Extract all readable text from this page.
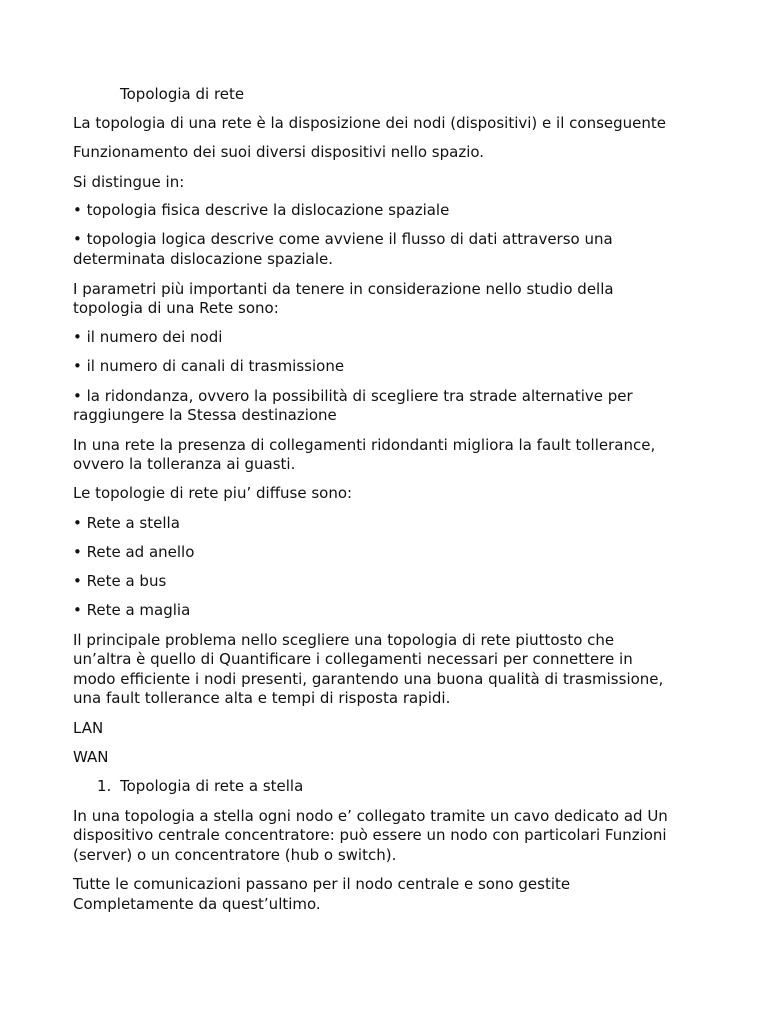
Topologia di rete
La topologia di una rete è la disposizione dei nodi (dispositivi) e il conseguente
Funzionamento dei suoi diversi dispositivi nello spazio.
Si distingue in:
• topologia fisica descrive la dislocazione spaziale
• topologia logica descrive come avviene il flusso di dati attraverso una
determinata dislocazione spaziale.
I parametri più importanti da tenere in considerazione nello studio della
topologia di una Rete sono:
• il numero dei nodi
• il numero di canali di trasmissione
• la ridondanza, ovvero la possibilità di scegliere tra strade alternative per
raggiungere la Stessa destinazione
In una rete la presenza di collegamenti ridondanti migliora la fault tollerance,
ovvero la tolleranza ai guasti.
Le topologie di rete piu’ diffuse sono:
• Rete a stella
• Rete ad anello
• Rete a bus
• Rete a maglia
Il principale problema nello scegliere una topologia di rete piuttosto che
un’altra è quello di Quantificare i collegamenti necessari per connettere in
modo efficiente i nodi presenti, garantendo una buona qualità di trasmissione,
una fault tollerance alta e tempi di risposta rapidi.
LAN
WAN
1. Topologia di rete a stella
In una topologia a stella ogni nodo e’ collegato tramite un cavo dedicato ad Un
dispositivo centrale concentratore: può essere un nodo con particolari Funzioni
(server) o un concentratore (hub o switch).
Tutte le comunicazioni passano per il nodo centrale e sono gestite
Completamente da quest’ultimo.
